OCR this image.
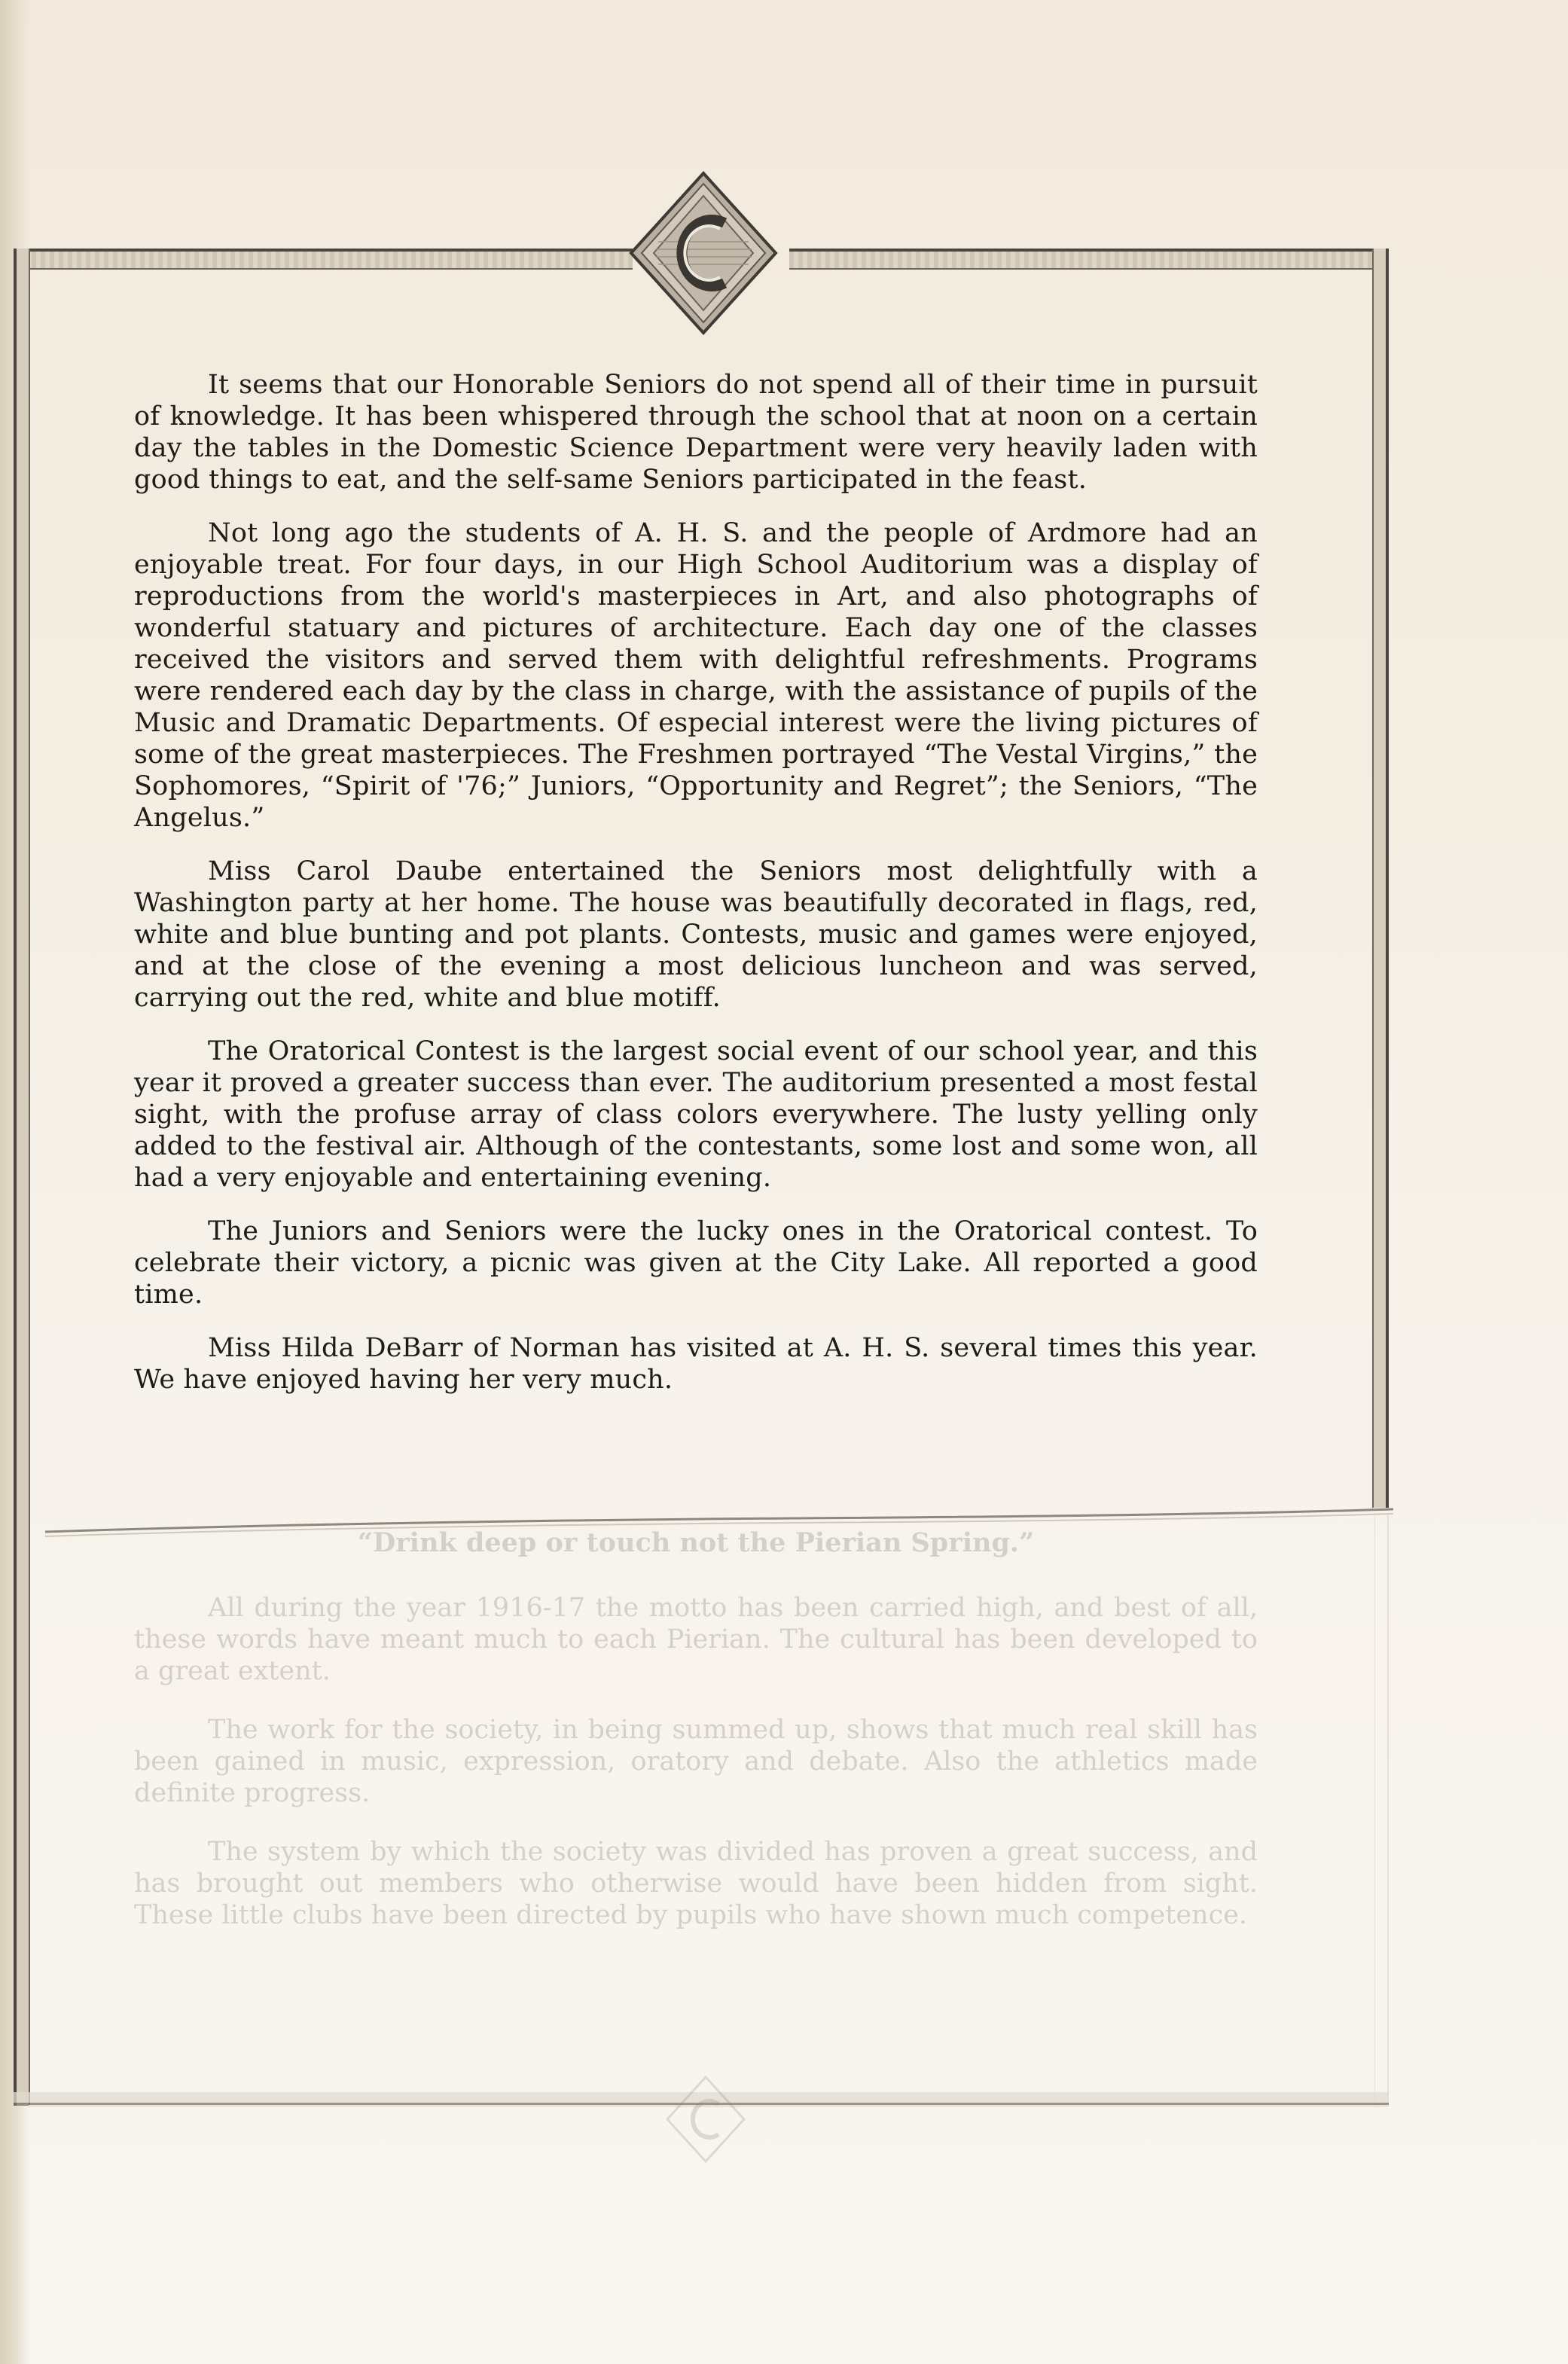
C

It seems that our Honorable Seniors do not spend all of their time in pursuit of knowledge. It has been whispered through the school that at noon on a certain day the tables in the Domestic Science Department were very heavily laden with good things to eat, and the self-same Seniors participated in the feast.

Not long ago the students of A. H. S. and the people of Ardmore had an enjoyable treat. For four days, in our High School Auditorium was a display of reproductions from the world's masterpieces in Art, and also photographs of wonderful statuary and pictures of architecture. Each day one of the classes received the visitors and served them with delightful refreshments. Programs were rendered each day by the class in charge, with the assistance of pupils of the Music and Dramatic Departments. Of especial interest were the living pictures of some of the great masterpieces. The Freshmen portrayed “The Vestal Virgins,” the Sophomores, “Spirit of '76;” Juniors, “Opportunity and Regret”; the Seniors, “The Angelus.”

Miss Carol Daube entertained the Seniors most delightfully with a Washington party at her home. The house was beautifully decorated in flags, red, white and blue bunting and pot plants. Contests, music and games were enjoyed, and at the close of the evening a most delicious luncheon and was served, carrying out the red, white and blue motiff.

The Oratorical Contest is the largest social event of our school year, and this year it proved a greater success than ever. The auditorium presented a most festal sight, with the profuse array of class colors everywhere. The lusty yelling only added to the festival air. Although of the contestants, some lost and some won, all had a very enjoyable and entertaining evening.

The Juniors and Seniors were the lucky ones in the Oratorical contest. To celebrate their victory, a picnic was given at the City Lake. All reported a good time.

Miss Hilda DeBarr of Norman has visited at A. H. S. several times this year. We have enjoyed having her very much.

“Drink deep or touch not the Pierian Spring.”

All during the year 1916-17 the motto has been carried high, and best of all, these words have meant much to each Pierian. The cultural has been developed to a great extent.

The work for the society, in being summed up, shows that much real skill has been gained in music, expression, oratory and debate. Also the athletics made definite progress.

The system by which the society was divided has proven a great success, and has brought out members who otherwise would have been hidden from sight. These little clubs have been directed by pupils who have shown much competence.
